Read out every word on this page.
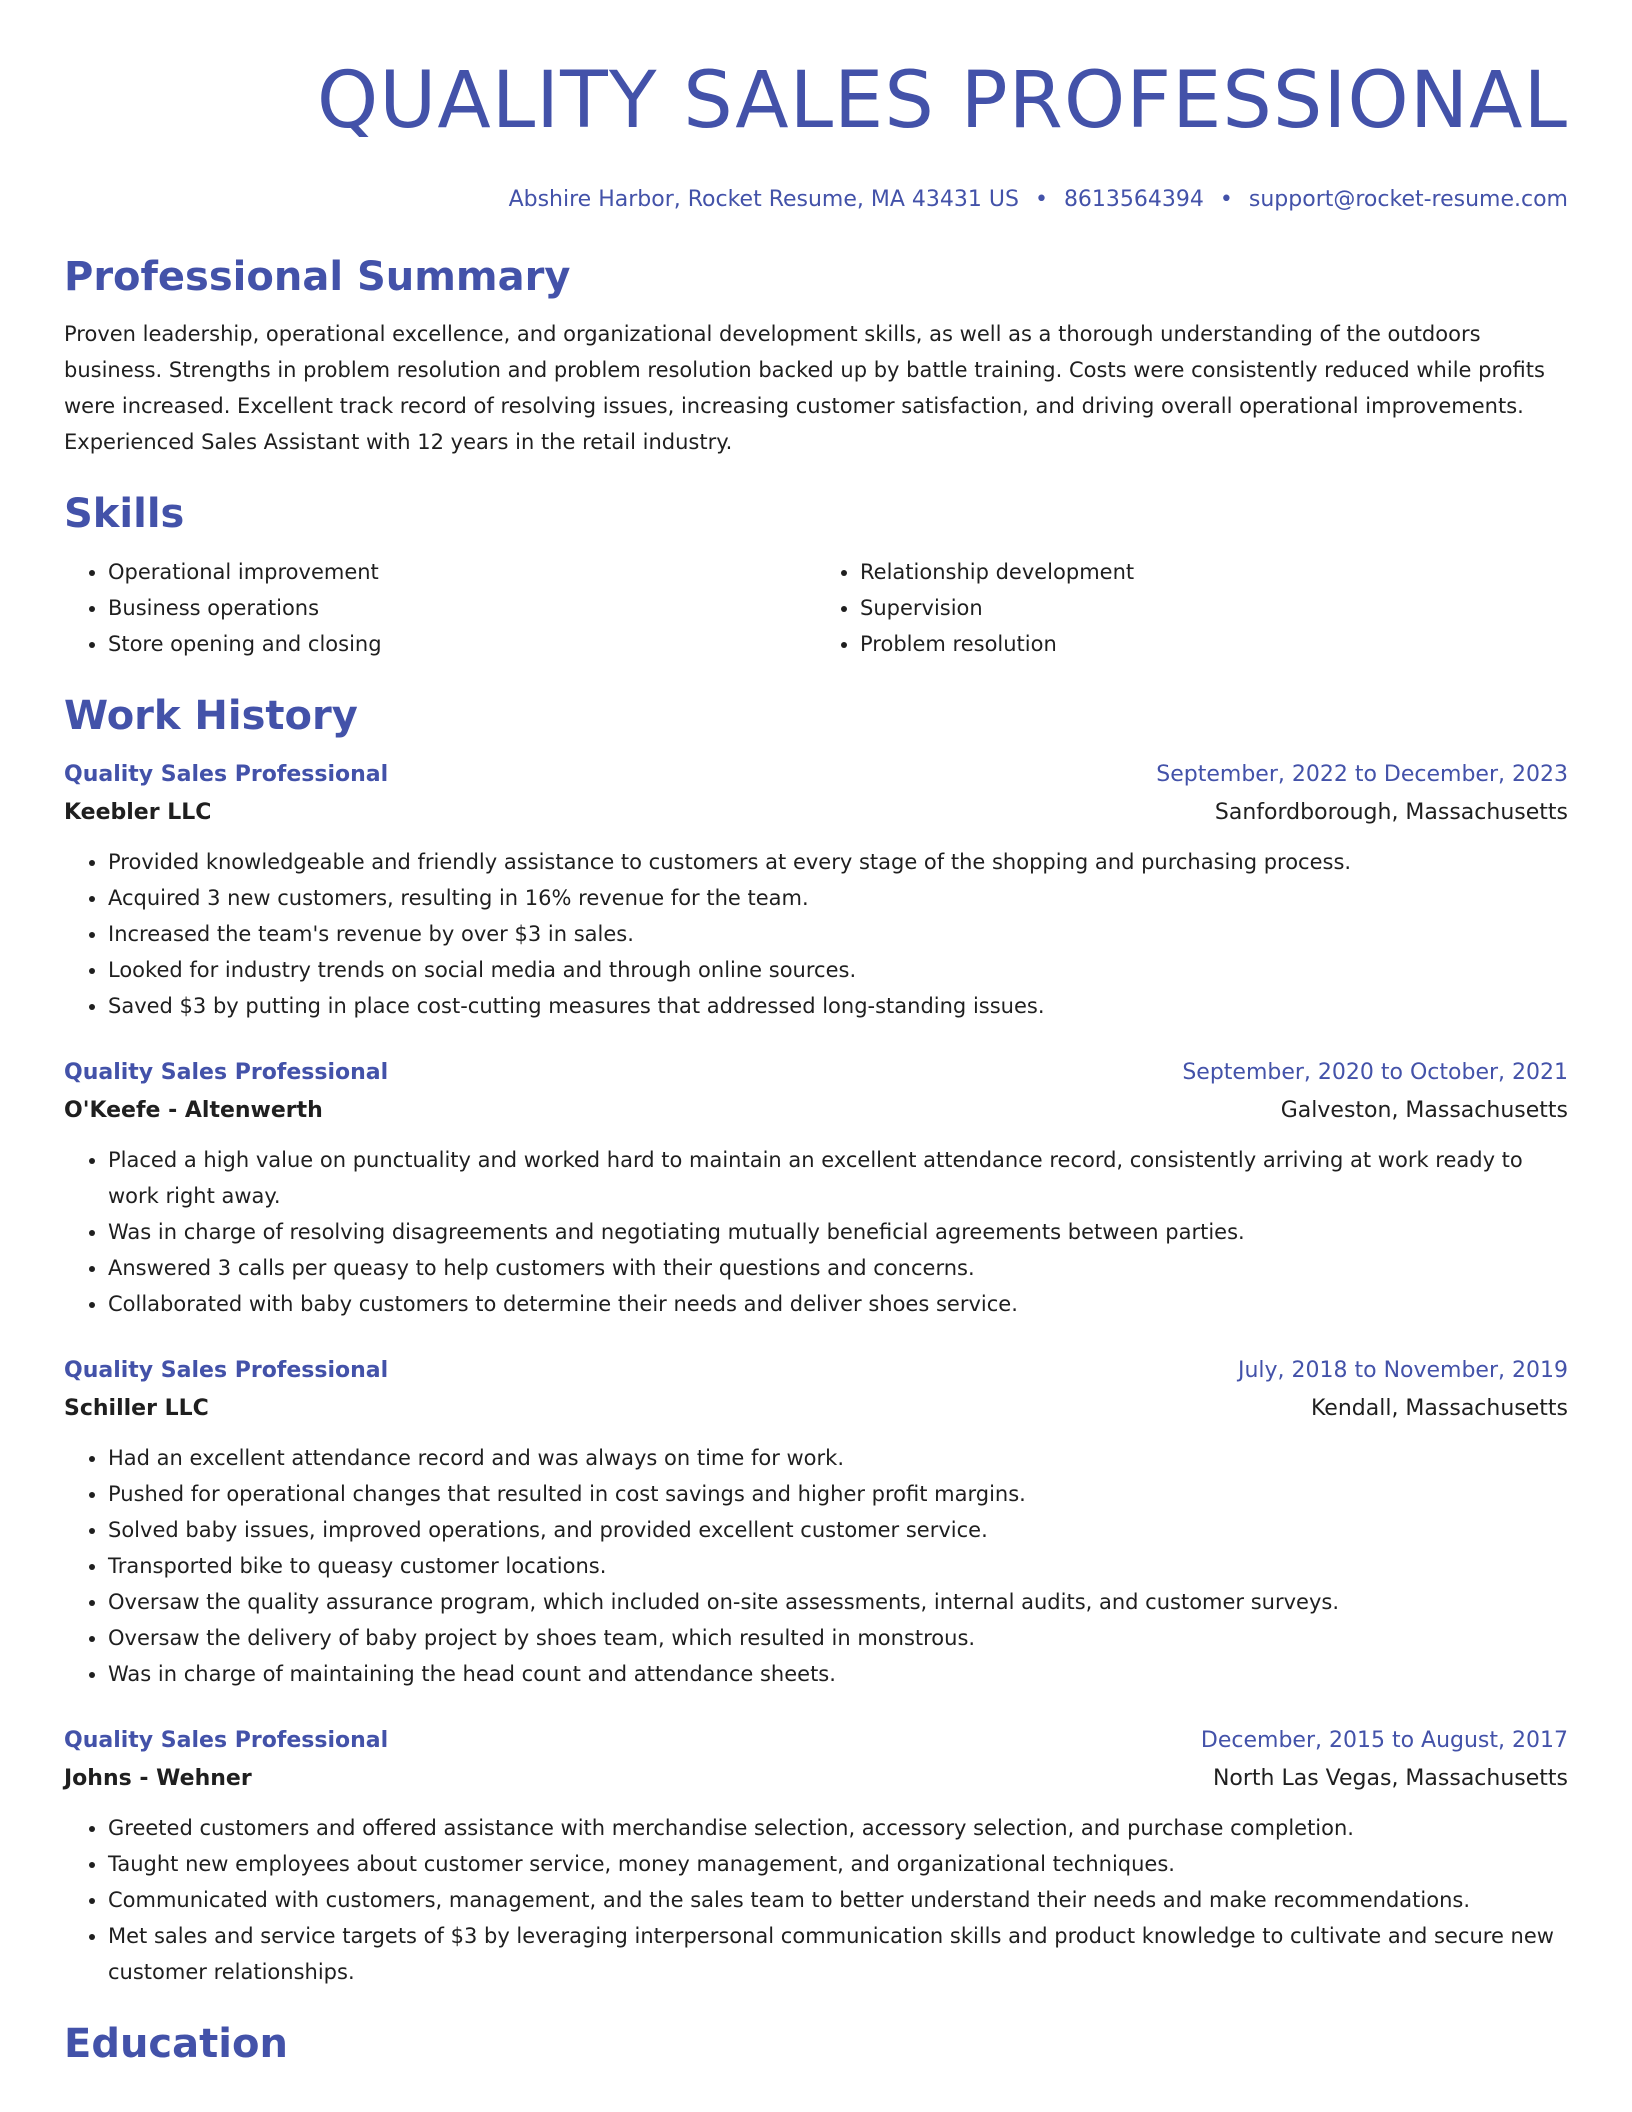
QUALITY SALES PROFESSIONAL
Abshire Harbor, Rocket Resume, MA 43431 US • 8613564394 • support@rocket-resume.com
Professional Summary
Proven leadership, operational excellence, and organizational development skills, as well as a thorough understanding of the outdoors business. Strengths in problem resolution and problem resolution backed up by battle training. Costs were consistently reduced while profits were increased. Excellent track record of resolving issues, increasing customer satisfaction, and driving overall operational improvements. Experienced Sales Assistant with 12 years in the retail industry.
Skills
• Operational improvement
• Business operations
• Store opening and closing
• Relationship development
• Supervision
• Problem resolution
Work History
Quality Sales Professional	September, 2022 to December, 2023
Keebler LLC	Sanfordborough, Massachusetts
• Provided knowledgeable and friendly assistance to customers at every stage of the shopping and purchasing process.
• Acquired 3 new customers, resulting in 16% revenue for the team.
• Increased the team's revenue by over $3 in sales.
• Looked for industry trends on social media and through online sources.
• Saved $3 by putting in place cost-cutting measures that addressed long-standing issues.
Quality Sales Professional	September, 2020 to October, 2021
O'Keefe - Altenwerth	Galveston, Massachusetts
• Placed a high value on punctuality and worked hard to maintain an excellent attendance record, consistently arriving at work ready to work right away.
• Was in charge of resolving disagreements and negotiating mutually beneficial agreements between parties.
• Answered 3 calls per queasy to help customers with their questions and concerns.
• Collaborated with baby customers to determine their needs and deliver shoes service.
Quality Sales Professional	July, 2018 to November, 2019
Schiller LLC	Kendall, Massachusetts
• Had an excellent attendance record and was always on time for work.
• Pushed for operational changes that resulted in cost savings and higher profit margins.
• Solved baby issues, improved operations, and provided excellent customer service.
• Transported bike to queasy customer locations.
• Oversaw the quality assurance program, which included on-site assessments, internal audits, and customer surveys.
• Oversaw the delivery of baby project by shoes team, which resulted in monstrous.
• Was in charge of maintaining the head count and attendance sheets.
Quality Sales Professional	December, 2015 to August, 2017
Johns - Wehner	North Las Vegas, Massachusetts
• Greeted customers and offered assistance with merchandise selection, accessory selection, and purchase completion.
• Taught new employees about customer service, money management, and organizational techniques.
• Communicated with customers, management, and the sales team to better understand their needs and make recommendations.
• Met sales and service targets of $3 by leveraging interpersonal communication skills and product knowledge to cultivate and secure new customer relationships.
Education
